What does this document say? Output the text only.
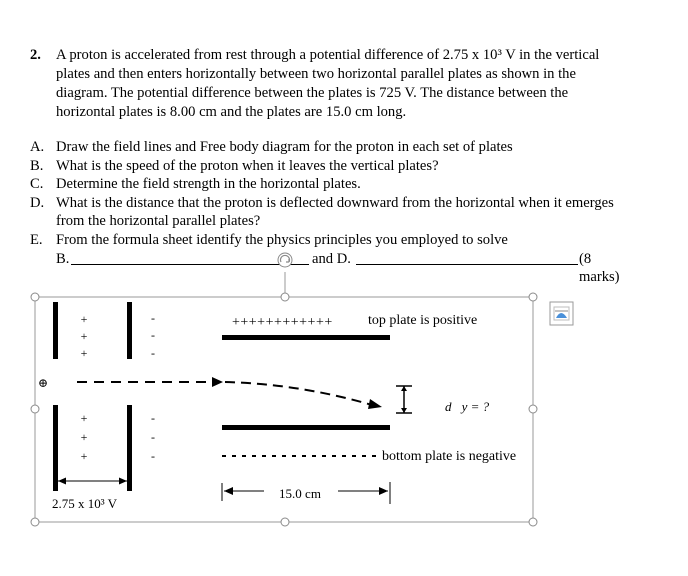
2. A proton is accelerated from rest through a potential difference of 2.75 x 10³ V in the vertical plates and then enters horizontally between two horizontal parallel plates as shown in the diagram. The potential difference between the plates is 725 V. The distance between the horizontal plates is 8.00 cm and the plates are 15.0 cm long.
A. Draw the field lines and Free body diagram for the proton in each set of plates
B. What is the speed of the proton when it leaves the vertical plates?
C. Determine the field strength in the horizontal plates.
D. What is the distance that the proton is deflected downward from the horizontal when it emerges from the horizontal parallel plates?
E. From the formula sheet identify the physics principles you employed to solve
B.	and D.	(8 marks)
+
+
+
+
+
+
-
-
-
-
-
-
⊕
++++++++++++	top plate is positive
bottom plate is negative
d⃗y = ?
15.0 cm
2.75 x 10³ V
